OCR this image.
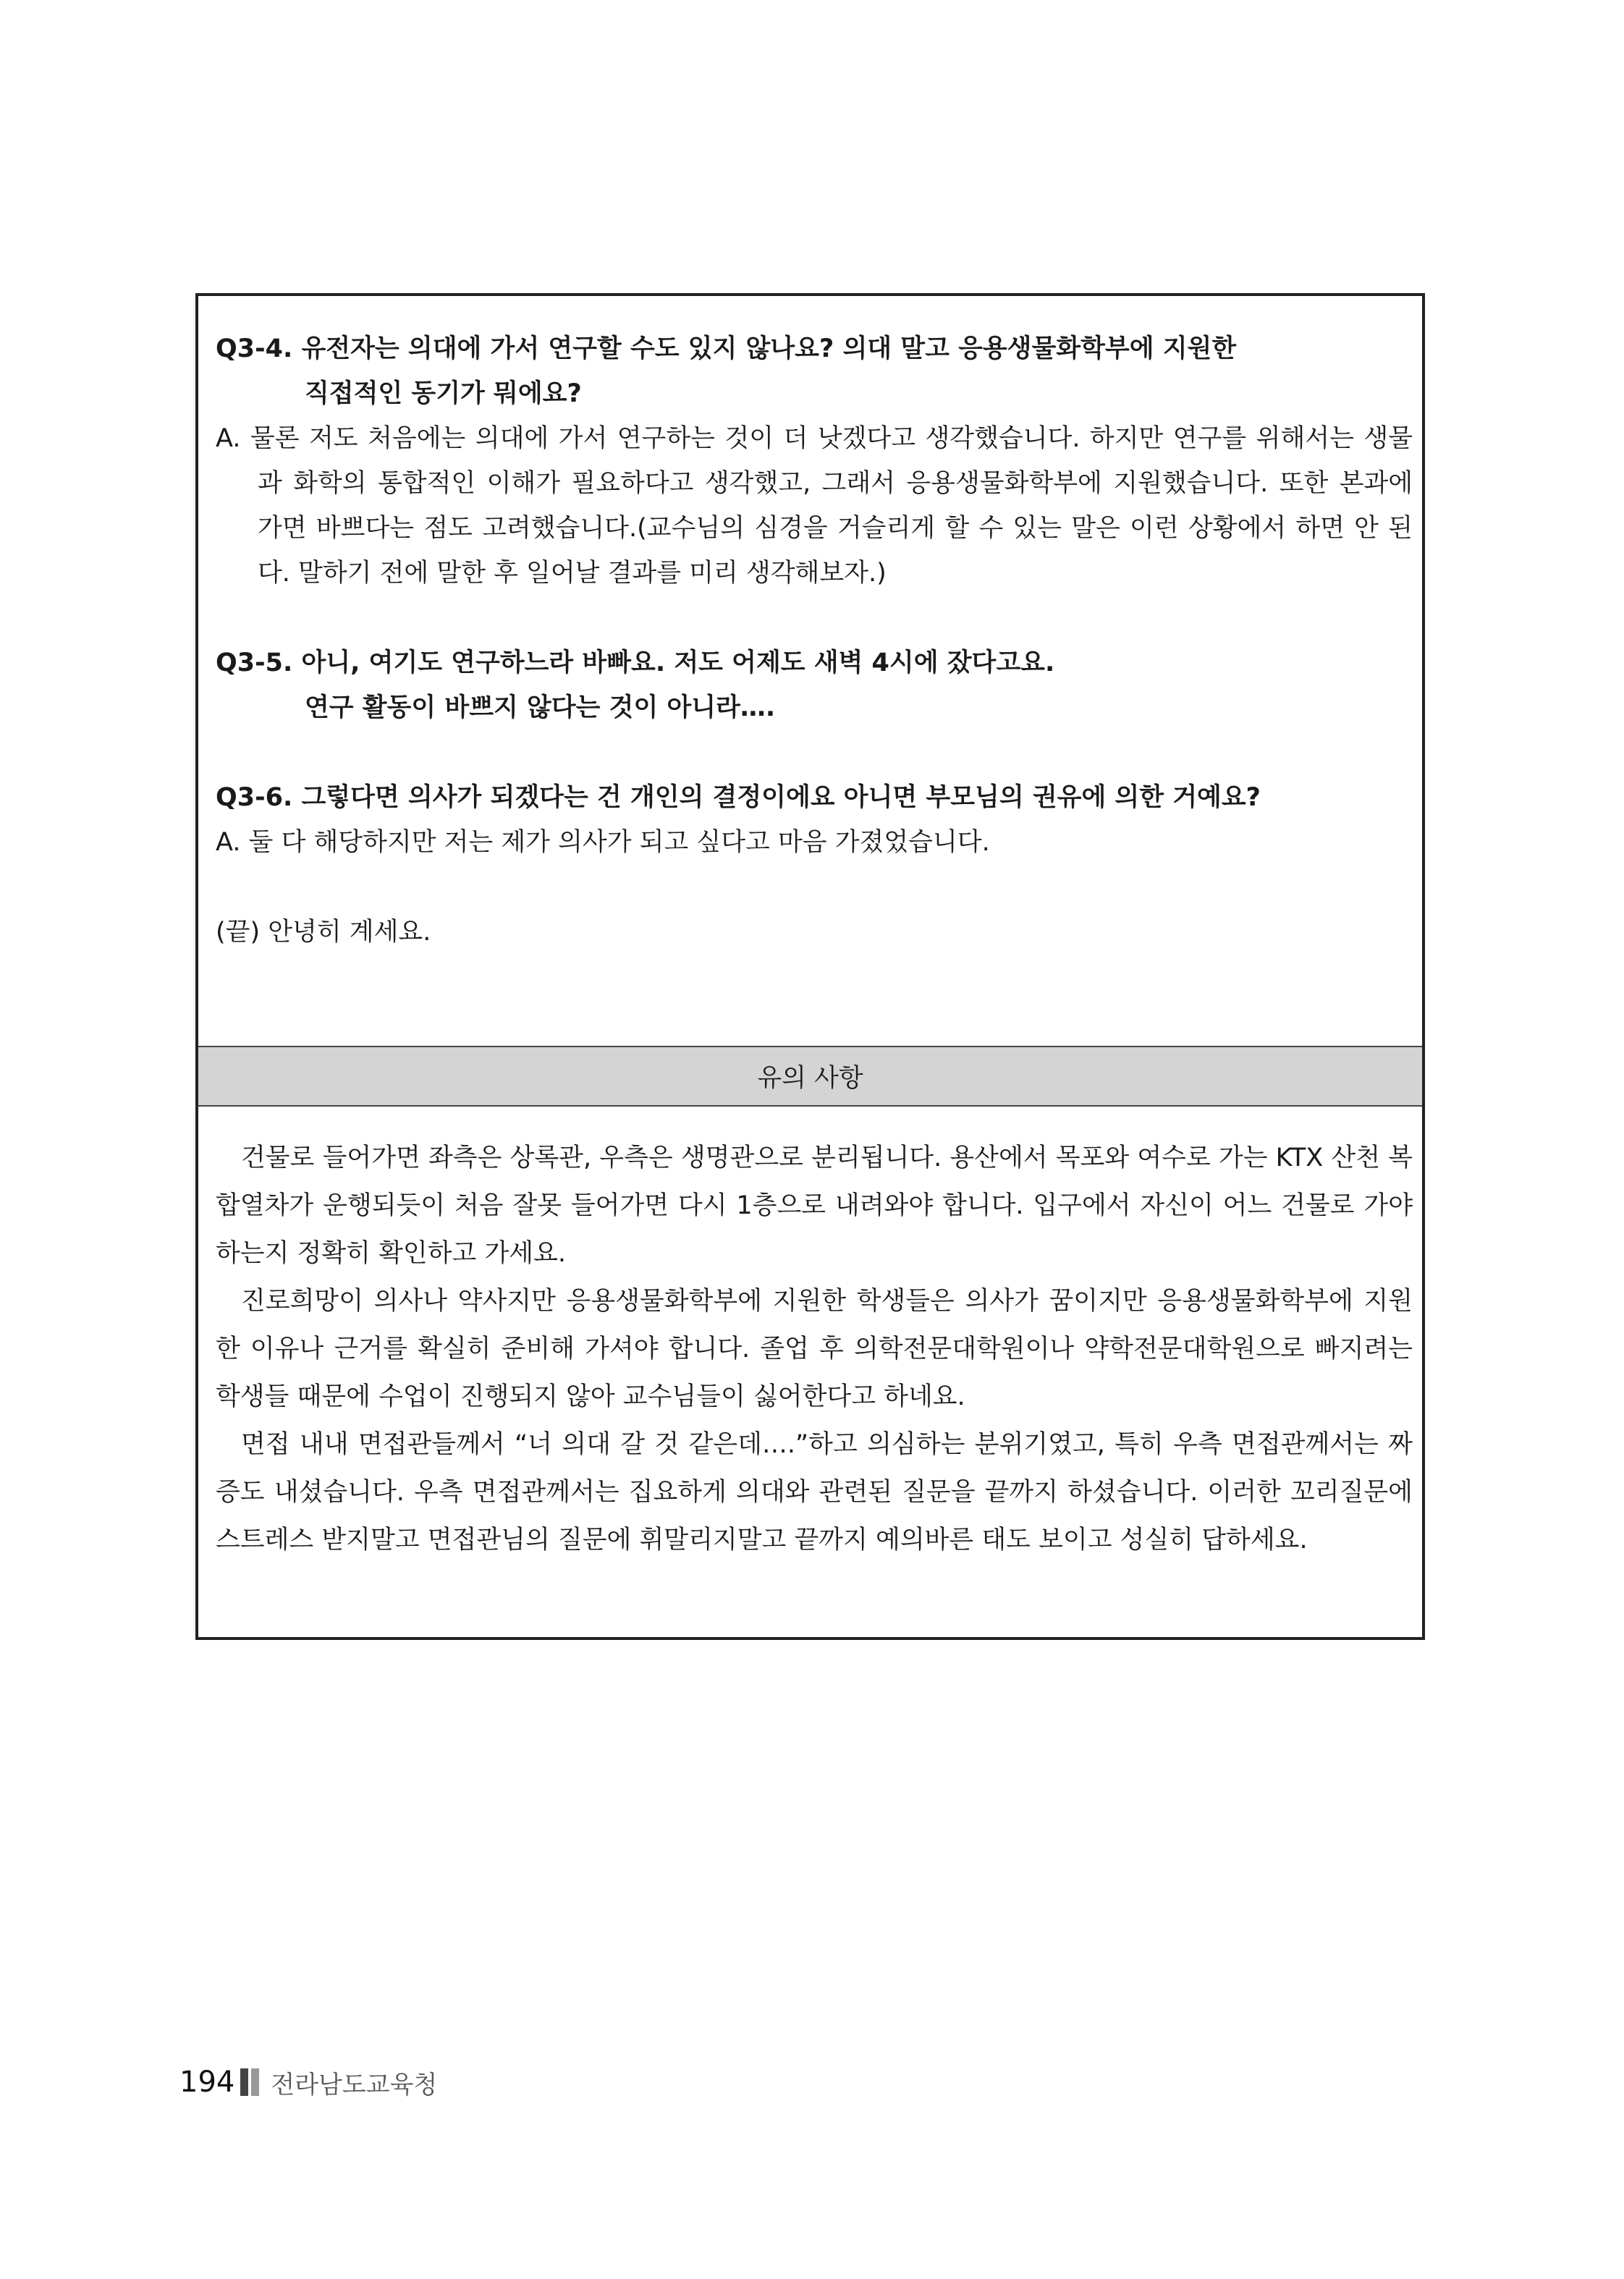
Q3-4. 유전자는 의대에 가서 연구할 수도 있지 않나요? 의대 말고 응용생물화학부에 지원한

직접적인 동기가 뭐에요?

A. 물론 저도 처음에는 의대에 가서 연구하는 것이 더 낫겠다고 생각했습니다. 하지만 연구를 위해서는 생물과 화학의 통합적인 이해가 필요하다고 생각했고, 그래서 응용생물화학부에 지원했습니다. 또한 본과에 가면 바쁘다는 점도 고려했습니다.(교수님의 심경을 거슬리게 할 수 있는 말은 이런 상황에서 하면 안 된다. 말하기 전에 말한 후 일어날 결과를 미리 생각해보자.)

Q3-5. 아니, 여기도 연구하느라 바빠요. 저도 어제도 새벽 4시에 잤다고요.

연구 활동이 바쁘지 않다는 것이 아니라….

Q3-6. 그렇다면 의사가 되겠다는 건 개인의 결정이에요 아니면 부모님의 권유에 의한 거예요?

A. 둘 다 해당하지만 저는 제가 의사가 되고 싶다고 마음 가졌었습니다.

(끝) 안녕히 계세요.

유의 사항

건물로 들어가면 좌측은 상록관, 우측은 생명관으로 분리됩니다. 용산에서 목포와 여수로 가는 KTX 산천 복합열차가 운행되듯이 처음 잘못 들어가면 다시 1층으로 내려와야 합니다. 입구에서 자신이 어느 건물로 가야 하는지 정확히 확인하고 가세요.

진로희망이 의사나 약사지만 응용생물화학부에 지원한 학생들은 의사가 꿈이지만 응용생물화학부에 지원한 이유나 근거를 확실히 준비해 가셔야 합니다. 졸업 후 의학전문대학원이나 약학전문대학원으로 빠지려는 학생들 때문에 수업이 진행되지 않아 교수님들이 싫어한다고 하네요.

면접 내내 면접관들께서 “너 의대 갈 것 같은데….”하고 의심하는 분위기였고, 특히 우측 면접관께서는 짜증도 내셨습니다. 우측 면접관께서는 집요하게 의대와 관련된 질문을 끝까지 하셨습니다. 이러한 꼬리질문에 스트레스 받지말고 면접관님의 질문에 휘말리지말고 끝까지 예의바른 태도 보이고 성실히 답하세요.

194 전라남도교육청
